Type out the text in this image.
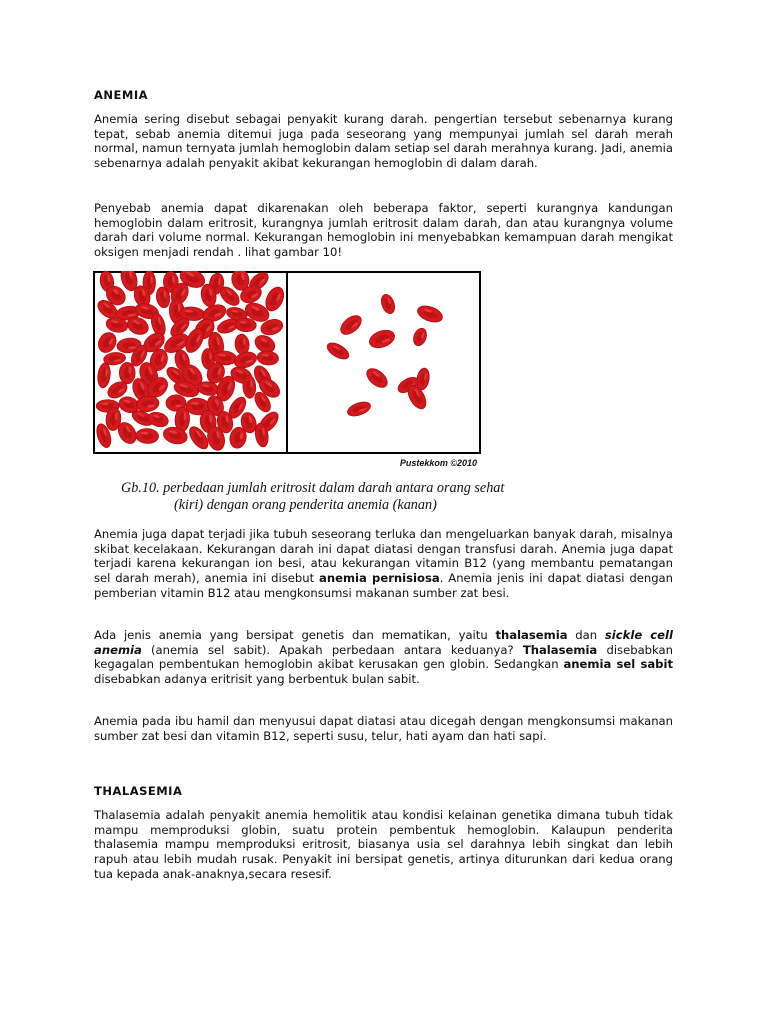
ANEMIA

Anemia sering disebut sebagai penyakit kurang darah. pengertian tersebut sebenarnya kurang tepat, sebab anemia ditemui juga pada seseorang yang mempunyai jumlah sel darah merah normal, namun ternyata jumlah hemoglobin dalam setiap sel darah merahnya kurang. Jadi, anemia sebenarnya adalah penyakit akibat kekurangan hemoglobin di dalam darah.

Penyebab anemia dapat dikarenakan oleh beberapa faktor, seperti kurangnya kandungan hemoglobin dalam eritrosit, kurangnya jumlah eritrosit dalam darah, dan atau kurangnya volume darah dari volume normal. Kekurangan hemoglobin ini menyebabkan kemampuan darah mengikat oksigen menjadi rendah . lihat gambar 10!

Pustekkom ©2010
Gb.10. perbedaan jumlah eritrosit dalam darah antara orang sehat
(kiri) dengan orang penderita anemia (kanan)

Anemia juga dapat terjadi jika tubuh seseorang terluka dan mengeluarkan banyak darah, misalnya skibat kecelakaan. Kekurangan darah ini dapat diatasi dengan transfusi darah. Anemia juga dapat terjadi karena kekurangan ion besi, atau kekurangan vitamin B12 (yang membantu pematangan sel darah merah), anemia ini disebut anemia pernisiosa. Anemia jenis ini dapat diatasi dengan pemberian vitamin B12 atau mengkonsumsi makanan sumber zat besi.

Ada jenis anemia yang bersipat genetis dan mematikan, yaitu thalasemia dan sickle cell anemia (anemia sel sabit). Apakah perbedaan antara keduanya? Thalasemia disebabkan kegagalan pembentukan hemoglobin akibat kerusakan gen globin. Sedangkan anemia sel sabit disebabkan adanya eritrisit yang berbentuk bulan sabit.

Anemia pada ibu hamil dan menyusui dapat diatasi atau dicegah dengan mengkonsumsi makanan sumber zat besi dan vitamin B12, seperti susu, telur, hati ayam dan hati sapi.

THALASEMIA

Thalasemia adalah penyakit anemia hemolitik atau kondisi kelainan genetika dimana tubuh tidak mampu memproduksi globin, suatu protein pembentuk hemoglobin. Kalaupun penderita thalasemia mampu memproduksi eritrosit, biasanya usia sel darahnya lebih singkat dan lebih rapuh atau lebih mudah rusak. Penyakit ini bersipat genetis, artinya diturunkan dari kedua orang tua kepada anak-anaknya,secara resesif.
